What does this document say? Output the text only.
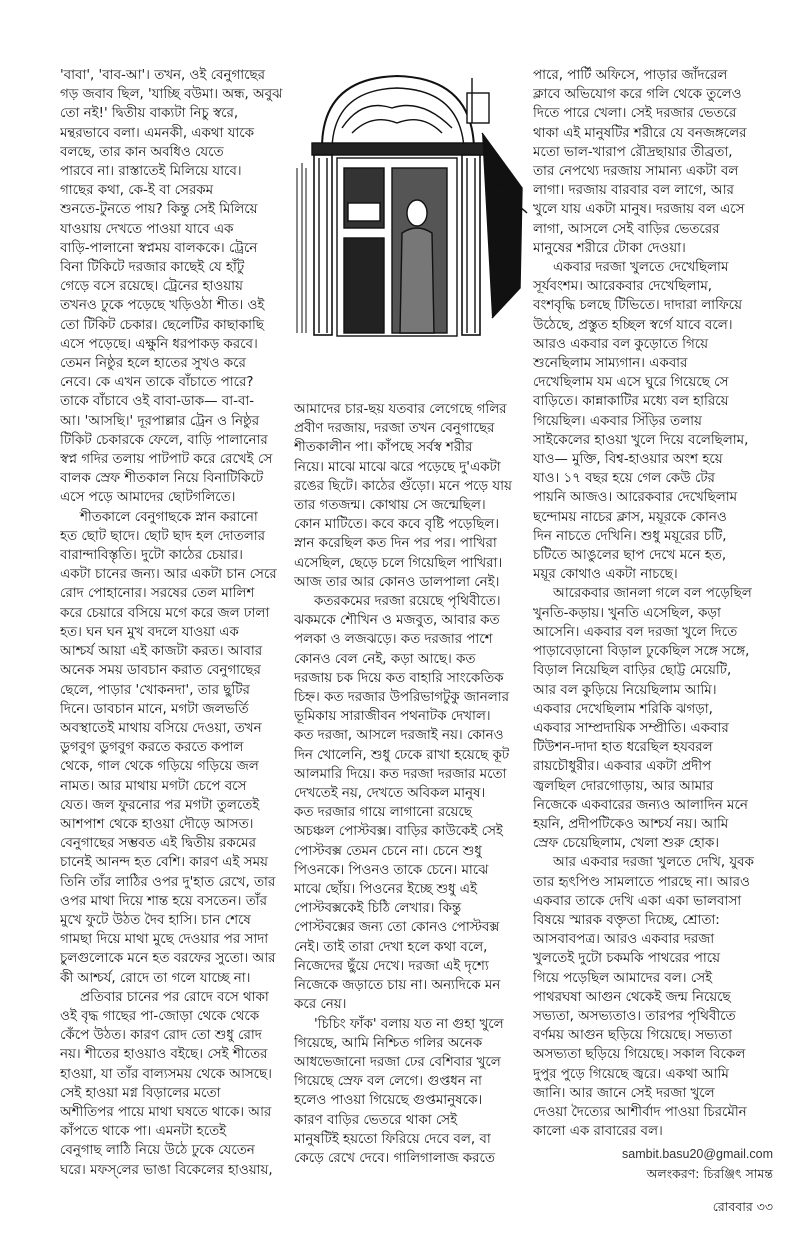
'বাবা', 'বাব-আ'। তখন, ওই বেনুগাছের
গড় জবাব ছিল, 'যাচ্ছি বউমা। অন্ধ, অবুঝ
তো নই!' দ্বিতীয় বাক্যটা নিচু স্বরে,
মন্থরভাবে বলা। এমনকী, একথা যাকে
বলছে, তার কান অবধিও যেতে
পারবে না। রাস্তাতেই মিলিয়ে যাবে।
গাছের কথা, কে-ই বা সেরকম
শুনতে-টুনতে পায়? কিন্তু সেই মিলিয়ে
যাওয়ায় দেখতে পাওয়া যাবে এক
বাড়ি-পালানো স্বপ্নময় বালককে। ট্রেনে
বিনা টিকিটে দরজার কাছেই যে হাঁটু
গেড়ে বসে রয়েছে। ট্রেনের হাওয়ায়
তখনও ঢুকে পড়েছে খড়িওঠা শীত। ওই
তো টিকিট চেকার। ছেলেটির কাছাকাছি
এসে পড়েছে। এক্ষুনি ধরপাকড় করবে।
তেমন নিষ্ঠুর হলে হাতের সুখও করে
নেবে। কে এখন তাকে বাঁচাতে পারে?
তাকে বাঁচাবে ওই বাবা-ডাক— বা-বা-
আ। 'আসছি।' দূরপাল্লার ট্রেন ও নিষ্ঠুর
টিকিট চেকারকে ফেলে, বাড়ি পালানোর
স্বপ্ন গদির তলায় পাটপাট করে রেখেই সে
বালক স্রেফ শীতকাল নিয়ে বিনাটিকিটে
এসে পড়ে আমাদের ছোটগলিতে।

শীতকালে বেনুগাছকে স্নান করানো
হত ছোট ছাদে। ছোট ছাদ হল দোতলার
বারান্দাবিস্তৃতি। দুটো কাঠের চেয়ার।
একটা চানের জন্য। আর একটা চান সেরে
রোদ পোহানোর। সরষের তেল মালিশ
করে চেয়ারে বসিয়ে মগে করে জল ঢালা
হত। ঘন ঘন মুখ বদলে যাওয়া এক
আশ্চর্য আয়া এই কাজটা করত। আবার
অনেক সময় ডাবচান করাত বেনুগাছের
ছেলে, পাড়ার 'খোকনদা', তার ছুটির
দিনে। ডাবচান মানে, মগটা জলভর্তি
অবস্থাতেই মাথায় বসিয়ে দেওয়া, তখন
ডুগবুগ ডুগবুগ করতে করতে কপাল
থেকে, গাল থেকে গড়িয়ে গড়িয়ে জল
নামত। আর মাথায় মগটা চেপে বসে
যেত। জল ফুরনোর পর মগটা তুলতেই
আশপাশ থেকে হাওয়া দৌড়ে আসত।
বেনুগাছের সম্ভবত এই দ্বিতীয় রকমের
চানেই আনন্দ হত বেশি। কারণ এই সময়
তিনি তাঁর লাঠির ওপর দু'হাত রেখে, তার
ওপর মাথা দিয়ে শান্ত হয়ে বসতেন। তাঁর
মুখে ফুটে উঠত দৈব হাসি। চান শেষে
গামছা দিয়ে মাথা মুছে দেওয়ার পর সাদা
চুলগুলোকে মনে হত বরফের সুতো। আর
কী আশ্চর্য, রোদে তা গলে যাচ্ছে না।

প্রতিবার চানের পর রোদে বসে থাকা
ওই বৃদ্ধ গাছের পা-জোড়া থেকে থেকে
কেঁপে উঠত। কারণ রোদ তো শুধু রোদ
নয়। শীতের হাওয়াও বইছে। সেই শীতের
হাওয়া, যা তাঁর বাল্যসময় থেকে আসছে।
সেই হাওয়া মগ্ন বিড়ালের মতো
অশীতিপর পায়ে মাথা ঘষতে থাকে। আর
কাঁপতে থাকে পা। এমনটা হতেই
বেনুগাছ লাঠি নিয়ে উঠে ঢুকে যেতেন
ঘরে। মফস্‌লের ভাঙা বিকেলের হাওয়ায়,

আমাদের চার-ছয় যতবার লেগেছে গলির
প্রবীণ দরজায়, দরজা তখন বেনুগাছের
শীতকালীন পা। কাঁপছে সর্বস্ব শরীর
নিয়ে। মাঝে মাঝে ঝরে পড়েছে দু'একটা
রঙের ছিটে। কাঠের গুঁড়ো। মনে পড়ে যায়
তার গতজন্ম। কোথায় সে জন্মেছিল।
কোন মাটিতে। কবে কবে বৃষ্টি পড়েছিল।
স্নান করেছিল কত দিন পর পর। পাখিরা
এসেছিল, ছেড়ে চলে গিয়েছিল পাখিরা।
আজ তার আর কোনও ডালপালা নেই।

কতরকমের দরজা রয়েছে পৃথিবীতে।
ঝকমকে শৌখিন ও মজবুত, আবার কত
পলকা ও লজঝড়ে। কত দরজার পাশে
কোনও বেল নেই, কড়া আছে। কত
দরজায় চক দিয়ে কত বাহারি সাংকেতিক
চিহ্ন। কত দরজার উপরিভাগটুকু জানলার
ভূমিকায় সারাজীবন পথনাটক দেখাল।
কত দরজা, আসলে দরজাই নয়। কোনও
দিন খোলেনি, শুধু ঢেকে রাখা হয়েছে কূট
আলমারি দিয়ে। কত দরজা দরজার মতো
দেখতেই নয়, দেখতে অবিকল মানুষ।
কত দরজার গায়ে লাগানো রয়েছে
অচঞ্চল পোস্টবক্স। বাড়ির কাউকেই সেই
পোস্টবক্স তেমন চেনে না। চেনে শুধু
পিওনকে। পিওনও তাকে চেনে। মাঝে
মাঝে ছোঁয়। পিওনের ইচ্ছে শুধু এই
পোস্টবক্সকেই চিঠি লেখার। কিন্তু
পোস্টবক্সের জন্য তো কোনও পোস্টবক্স
নেই। তাই তারা দেখা হলে কথা বলে,
নিজেদের ছুঁয়ে দেখে। দরজা এই দৃশ্যে
নিজেকে জড়াতে চায় না। অন্যদিকে মন
করে নেয়।

'চিচিং ফাঁক' বলায় যত না গুহা খুলে
গিয়েছে, আমি নিশ্চিত গলির অনেক
আধভেজানো দরজা ঢের বেশিবার খুলে
গিয়েছে স্রেফ বল লেগে। গুপ্তধন না
হলেও পাওয়া গিয়েছে গুপ্তমানুষকে।
কারণ বাড়ির ভেতরে থাকা সেই
মানুষটিই হয়তো ফিরিয়ে দেবে বল, বা
কেড়ে রেখে দেবে। গালিগালাজ করতে

পারে, পার্টি অফিসে, পাড়ার জাঁদরেল
ক্লাবে অভিযোগ করে গলি থেকে তুলেও
দিতে পারে খেলা। সেই দরজার ভেতরে
থাকা এই মানুষটির শরীরে যে বনজঙ্গলের
মতো ভাল-খারাপ রৌদ্রছায়ার তীব্রতা,
তার নেপথ্যে দরজায় সামান্য একটা বল
লাগা। দরজায় বারবার বল লাগে, আর
খুলে যায় একটা মানুষ। দরজায় বল এসে
লাগা, আসলে সেই বাড়ির ভেতরের
মানুষের শরীরে টোকা দেওয়া।

একবার দরজা খুলতে দেখেছিলাম
সূর্যবংশম। আরেকবার দেখেছিলাম,
বংশবৃদ্ধি চলছে টিভিতে। দাদারা লাফিয়ে
উঠেছে, প্রস্তুত হচ্ছিল স্বর্গে যাবে বলে।
আরও একবার বল কুড়োতে গিয়ে
শুনেছিলাম সাম্যগান। একবার
দেখেছিলাম যম এসে ঘুরে গিয়েছে সে
বাড়িতে। কান্নাকাটির মধ্যে বল হারিয়ে
গিয়েছিল। একবার সিঁড়ির তলায়
সাইকেলের হাওয়া খুলে দিয়ে বলেছিলাম,
যাও— মুক্তি, বিশ্ব-হাওয়ার অংশ হয়ে
যাও। ১৭ বছর হয়ে গেল কেউ টের
পায়নি আজও। আরেকবার দেখেছিলাম
ছন্দোময় নাচের ক্লাস, ময়ূরকে কোনও
দিন নাচতে দেখিনি। শুধু ময়ূরের চটি,
চটিতে আঙুলের ছাপ দেখে মনে হত,
ময়ূর কোথাও একটা নাচছে।

আরেকবার জানলা গলে বল পড়েছিল
খুনতি-কড়ায়। খুনতি এসেছিল, কড়া
আসেনি। একবার বল দরজা খুলে দিতে
পাড়াবেড়ানো বিড়াল ঢুকেছিল সঙ্গে সঙ্গে,
বিড়াল নিয়েছিল বাড়ির ছোট্ট মেয়েটি,
আর বল কুড়িয়ে নিয়েছিলাম আমি।
একবার দেখেছিলাম শরিকি ঝগড়া,
একবার সাম্প্রদায়িক সম্প্রীতি। একবার
টিউশন-দাদা হাত ধরেছিল হযবরল
রায়চৌধুরীর। একবার একটা প্রদীপ
জ্বলছিল দোরগোড়ায়, আর আমার
নিজেকে একবারের জন্যও আলাদিন মনে
হয়নি, প্রদীপটিকেও আশ্চর্য নয়। আমি
স্রেফ চেয়েছিলাম, খেলা শুরু হোক।

আর একবার দরজা খুলতে দেখি, যুবক
তার হৃৎপিণ্ড সামলাতে পারছে না। আরও
একবার তাকে দেখি একা একা ভালবাসা
বিষয়ে স্মারক বক্তৃতা দিচ্ছে, শ্রোতা:
আসবাবপত্র। আরও একবার দরজা
খুলতেই দুটো চকমকি পাথরের পায়ে
গিয়ে পড়েছিল আমাদের বল। সেই
পাথরঘষা আগুন থেকেই জন্ম নিয়েছে
সভ্যতা, অসভ্যতাও। তারপর পৃথিবীতে
বর্ণময় আগুন ছড়িয়ে গিয়েছে। সভ্যতা
অসভ্যতা ছড়িয়ে গিয়েছে। সকাল বিকেল
দুপুর পুড়ে গিয়েছে জ্বরে। একথা আমি
জানি। আর জানে সেই দরজা খুলে
দেওয়া দৈত্যের আশীর্বাদ পাওয়া চিরমৌন
কালো এক রাবারের বল।

sambit.basu20@gmail.com
অলংকরণ: চিরঞ্জিৎ সামন্ত
রোববার ৩৩
